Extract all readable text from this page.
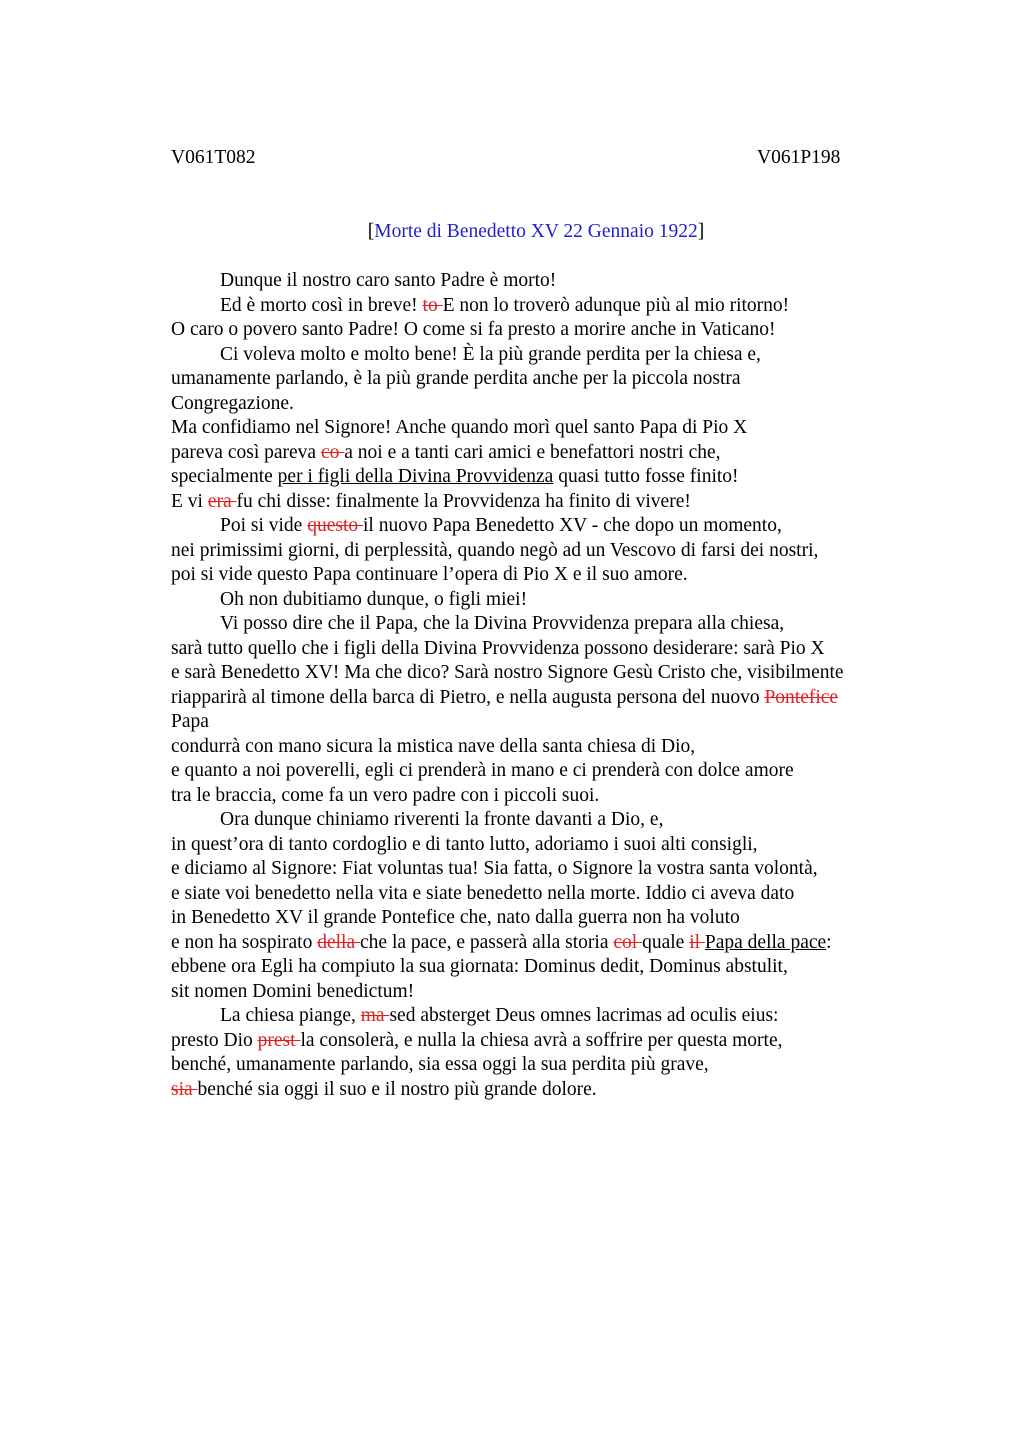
V061T082	V061P198
[Morte di Benedetto XV 22 Gennaio 1922]
Dunque il nostro caro santo Padre è morto!
Ed è morto così in breve! to E non lo troverò adunque più al mio ritorno!
O caro o povero santo Padre! O come si fa presto a morire anche in Vaticano!
Ci voleva molto e molto bene! È la più grande perdita per la chiesa e,
umanamente parlando, è la più grande perdita anche per la piccola nostra
Congregazione.
Ma confidiamo nel Signore! Anche quando morì quel santo Papa di Pio X
pareva così pareva co a noi e a tanti cari amici e benefattori nostri che,
specialmente per i figli della Divina Provvidenza quasi tutto fosse finito!
E vi era fu chi disse: finalmente la Provvidenza ha finito di vivere!
Poi si vide questo il nuovo Papa Benedetto XV - che dopo un momento,
nei primissimi giorni, di perplessità, quando negò ad un Vescovo di farsi dei nostri,
poi si vide questo Papa continuare l’opera di Pio X e il suo amore.
Oh non dubitiamo dunque, o figli miei!
Vi posso dire che il Papa, che la Divina Provvidenza prepara alla chiesa,
sarà tutto quello che i figli della Divina Provvidenza possono desiderare: sarà Pio X
e sarà Benedetto XV! Ma che dico? Sarà nostro Signore Gesù Cristo che, visibilmente
riapparirà al timone della barca di Pietro, e nella augusta persona del nuovo Pontefice
Papa
condurrà con mano sicura la mistica nave della santa chiesa di Dio,
e quanto a noi poverelli, egli ci prenderà in mano e ci prenderà con dolce amore
tra le braccia, come fa un vero padre con i piccoli suoi.
Ora dunque chiniamo riverenti la fronte davanti a Dio, e,
in quest’ora di tanto cordoglio e di tanto lutto, adoriamo i suoi alti consigli,
e diciamo al Signore: Fiat voluntas tua! Sia fatta, o Signore la vostra santa volontà,
e siate voi benedetto nella vita e siate benedetto nella morte. Iddio ci aveva dato
in Benedetto XV il grande Pontefice che, nato dalla guerra non ha voluto
e non ha sospirato della che la pace, e passerà alla storia col quale il Papa della pace:
ebbene ora Egli ha compiuto la sua giornata: Dominus dedit, Dominus abstulit,
sit nomen Domini benedictum!
La chiesa piange, ma sed absterget Deus omnes lacrimas ad oculis eius:
presto Dio prest la consolerà, e nulla la chiesa avrà a soffrire per questa morte,
benché, umanamente parlando, sia essa oggi la sua perdita più grave,
sia benché sia oggi il suo e il nostro più grande dolore.
